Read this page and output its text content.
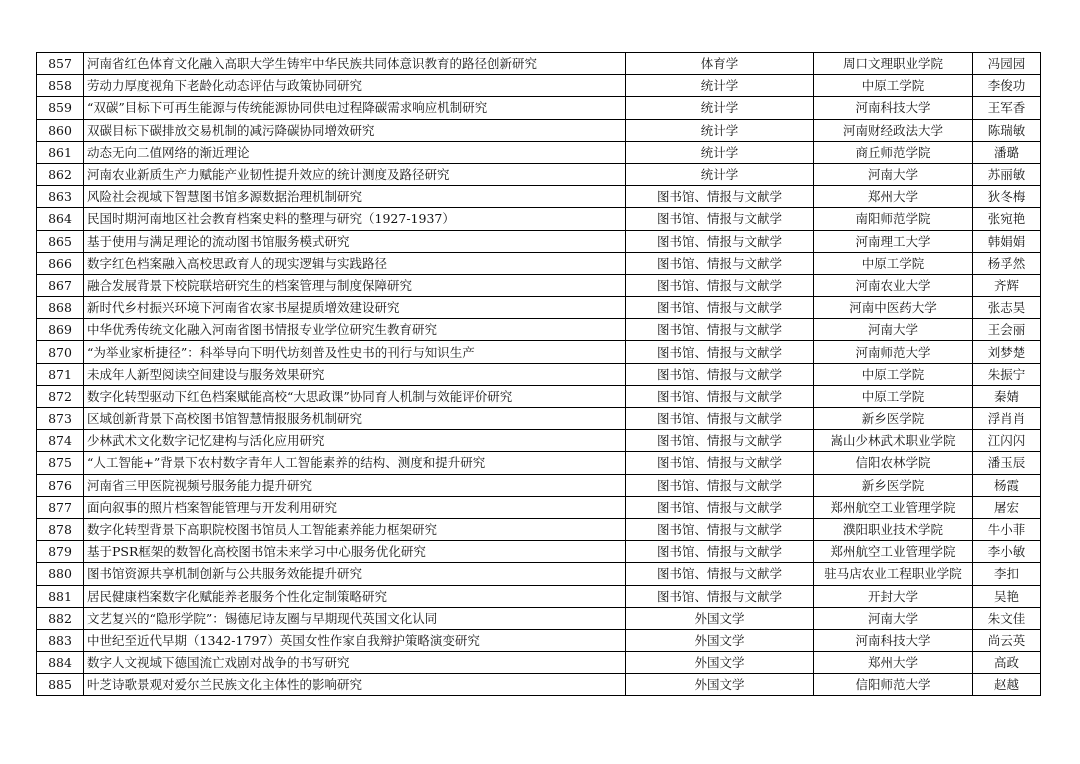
857	河南省红色体育文化融入高职大学生铸牢中华民族共同体意识教育的路径创新研究	体育学	周口文理职业学院	冯园园
858	劳动力厚度视角下老龄化动态评估与政策协同研究	统计学	中原工学院	李俊功
859	“双碳”目标下可再生能源与传统能源协同供电过程降碳需求响应机制研究	统计学	河南科技大学	王军香
860	双碳目标下碳排放交易机制的减污降碳协同增效研究	统计学	河南财经政法大学	陈瑞敏
861	动态无向二值网络的渐近理论	统计学	商丘师范学院	潘璐
862	河南农业新质生产力赋能产业韧性提升效应的统计测度及路径研究	统计学	河南大学	苏丽敏
863	风险社会视域下智慧图书馆多源数据治理机制研究	图书馆、情报与文献学	郑州大学	狄冬梅
864	民国时期河南地区社会教育档案史料的整理与研究（1927-1937）	图书馆、情报与文献学	南阳师范学院	张宛艳
865	基于使用与满足理论的流动图书馆服务模式研究	图书馆、情报与文献学	河南理工大学	韩娟娟
866	数字红色档案融入高校思政育人的现实逻辑与实践路径	图书馆、情报与文献学	中原工学院	杨孚然
867	融合发展背景下校院联培研究生的档案管理与制度保障研究	图书馆、情报与文献学	河南农业大学	齐辉
868	新时代乡村振兴环境下河南省农家书屋提质增效建设研究	图书馆、情报与文献学	河南中医药大学	张志昊
869	中华优秀传统文化融入河南省图书情报专业学位研究生教育研究	图书馆、情报与文献学	河南大学	王会丽
870	“为举业家析捷径”：科举导向下明代坊刻普及性史书的刊行与知识生产	图书馆、情报与文献学	河南师范大学	刘梦楚
871	未成年人新型阅读空间建设与服务效果研究	图书馆、情报与文献学	中原工学院	朱振宁
872	数字化转型驱动下红色档案赋能高校“大思政课”协同育人机制与效能评价研究	图书馆、情报与文献学	中原工学院	秦婧
873	区域创新背景下高校图书馆智慧情报服务机制研究	图书馆、情报与文献学	新乡医学院	浮肖肖
874	少林武术文化数字记忆建构与活化应用研究	图书馆、情报与文献学	嵩山少林武术职业学院	江闪闪
875	“人工智能+”背景下农村数字青年人工智能素养的结构、测度和提升研究	图书馆、情报与文献学	信阳农林学院	潘玉辰
876	河南省三甲医院视频号服务能力提升研究	图书馆、情报与文献学	新乡医学院	杨霞
877	面向叙事的照片档案智能管理与开发利用研究	图书馆、情报与文献学	郑州航空工业管理学院	屠宏
878	数字化转型背景下高职院校图书馆员人工智能素养能力框架研究	图书馆、情报与文献学	濮阳职业技术学院	牛小菲
879	基于PSR框架的数智化高校图书馆未来学习中心服务优化研究	图书馆、情报与文献学	郑州航空工业管理学院	李小敏
880	图书馆资源共享机制创新与公共服务效能提升研究	图书馆、情报与文献学	驻马店农业工程职业学院	李扣
881	居民健康档案数字化赋能养老服务个性化定制策略研究	图书馆、情报与文献学	开封大学	吴艳
882	文艺复兴的“隐形学院”：锡德尼诗友圈与早期现代英国文化认同	外国文学	河南大学	朱文佳
883	中世纪至近代早期（1342-1797）英国女性作家自我辩护策略演变研究	外国文学	河南科技大学	尚云英
884	数字人文视域下德国流亡戏剧对战争的书写研究	外国文学	郑州大学	高政
885	叶芝诗歌景观对爱尔兰民族文化主体性的影响研究	外国文学	信阳师范大学	赵越
